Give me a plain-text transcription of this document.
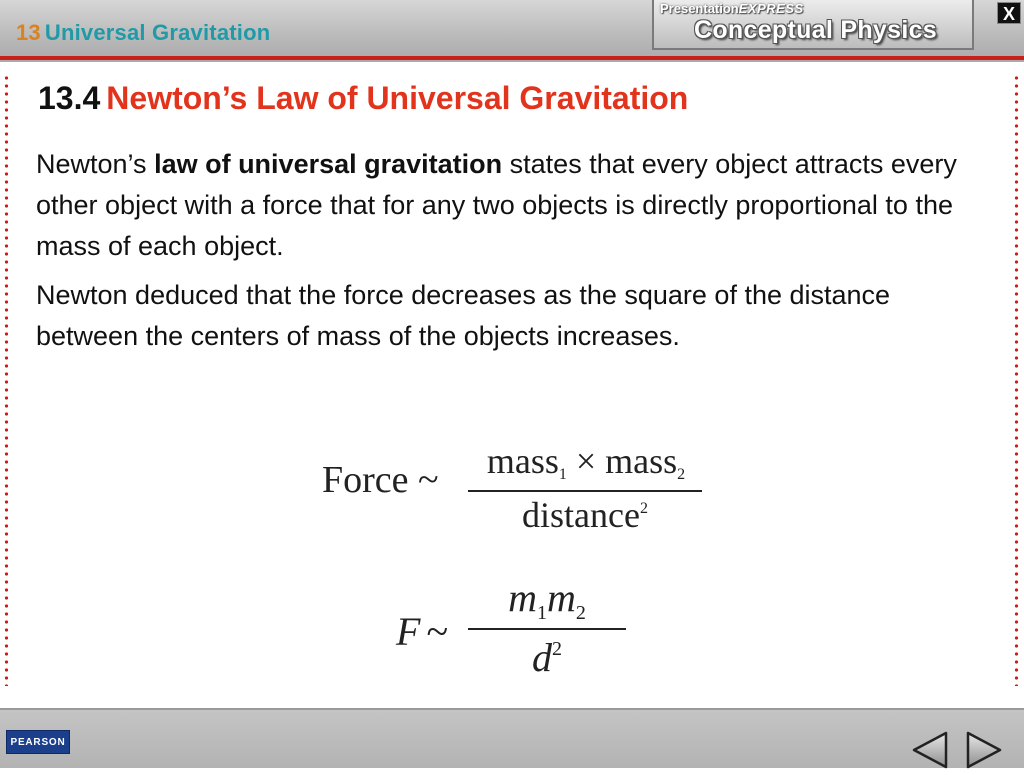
13 Universal Gravitation
PresentationEXPRESS
Conceptual Physics
X
13.4 Newton’s Law of Universal Gravitation

Newton’s law of universal gravitation states that every object attracts every other object with a force that for any two objects is directly proportional to the mass of each object.

Newton deduced that the force decreases as the square of the distance between the centers of mass of the objects increases.

Force ~	mass$_1$ × mass$_2$
distance$^2$
F ~
$m_1m_2$
$d^2$
PEARSON
